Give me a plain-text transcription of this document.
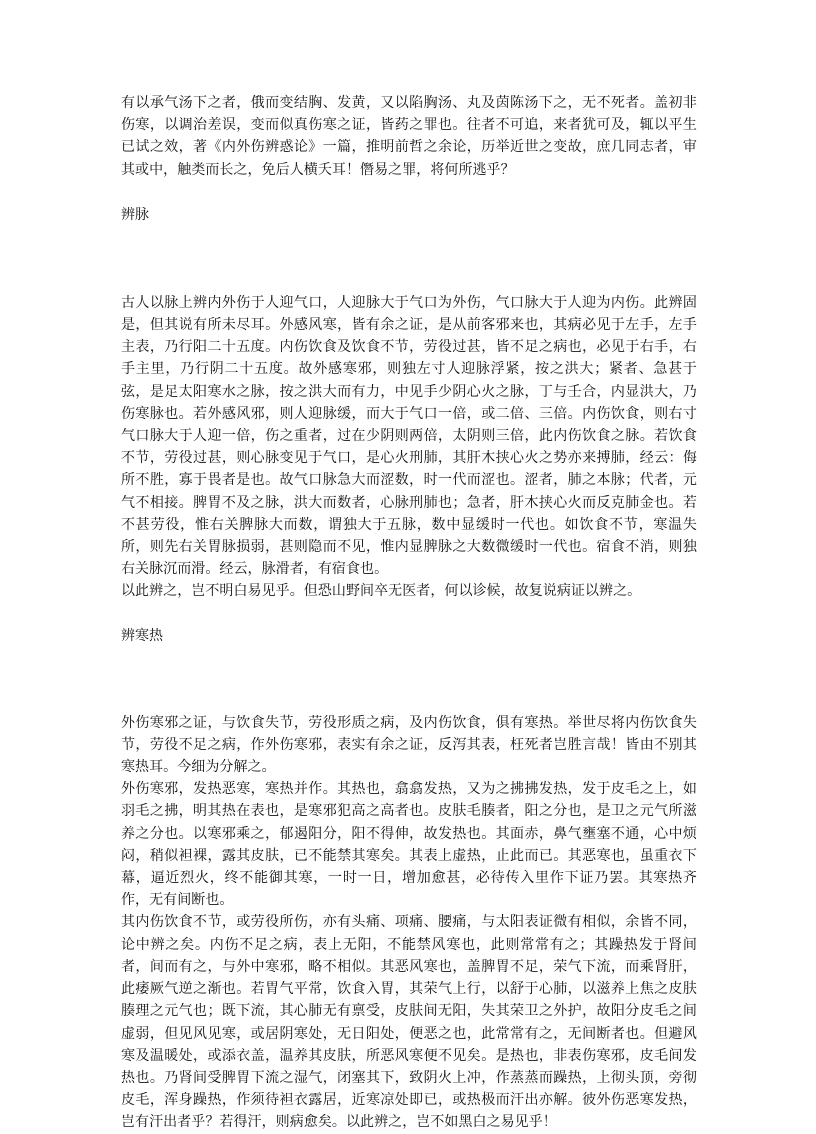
有以承气汤下之者，俄而变结胸、发黄，又以陷胸汤、丸及茵陈汤下之，无不死者。盖初非伤寒，以调治差误，变而似真伤寒之证，皆药之罪也。往者不可追，来者犹可及，辄以平生已试之效，著《内外伤辨惑论》一篇，推明前哲之余论，历举近世之变故，庶几同志者，审其或中，触类而长之，免后人横夭耳！僭易之罪，将何所逃乎？

辨脉

古人以脉上辨内外伤于人迎气口，人迎脉大于气口为外伤，气口脉大于人迎为内伤。此辨固是，但其说有所未尽耳。外感风寒，皆有余之证，是从前客邪来也，其病必见于左手，左手主表，乃行阳二十五度。内伤饮食及饮食不节，劳役过甚，皆不足之病也，必见于右手，右手主里，乃行阴二十五度。故外感寒邪，则独左寸人迎脉浮紧，按之洪大；紧者、急甚于弦，是足太阳寒水之脉，按之洪大而有力，中见手少阴心火之脉，丁与壬合，内显洪大，乃伤寒脉也。若外感风邪，则人迎脉缓，而大于气口一倍，或二倍、三倍。内伤饮食，则右寸气口脉大于人迎一倍，伤之重者，过在少阴则两倍，太阴则三倍，此内伤饮食之脉。若饮食不节，劳役过甚，则心脉变见于气口，是心火刑肺，其肝木挟心火之势亦来搏肺，经云：侮所不胜，寡于畏者是也。故气口脉急大而涩数，时一代而涩也。涩者，肺之本脉；代者，元气不相接。脾胃不及之脉，洪大而数者，心脉刑肺也；急者，肝木挟心火而反克肺金也。若不甚劳役，惟右关脾脉大而数，谓独大于五脉，数中显缓时一代也。如饮食不节，寒温失所，则先右关胃脉损弱，甚则隐而不见，惟内显脾脉之大数微缓时一代也。宿食不消，则独右关脉沉而滑。经云，脉滑者，有宿食也。

以此辨之，岂不明白易见乎。但恐山野间卒无医者，何以诊候，故复说病证以辨之。

辨寒热

外伤寒邪之证，与饮食失节，劳役形质之病，及内伤饮食，俱有寒热。举世尽将内伤饮食失节，劳役不足之病，作外伤寒邪，表实有余之证，反泻其表，枉死者岂胜言哉！皆由不别其寒热耳。今细为分解之。

外伤寒邪，发热恶寒，寒热并作。其热也，翕翕发热，又为之拂拂发热，发于皮毛之上，如羽毛之拂，明其热在表也，是寒邪犯高之高者也。皮肤毛腠者，阳之分也，是卫之元气所滋养之分也。以寒邪乘之，郁遏阳分，阳不得伸，故发热也。其面赤，鼻气壅塞不通，心中烦闷，稍似袒裸，露其皮肤，已不能禁其寒矣。其表上虚热，止此而已。其恶寒也，虽重衣下幕，逼近烈火，终不能御其寒，一时一日，增加愈甚，必待传入里作下证乃罢。其寒热齐作，无有间断也。

其内伤饮食不节，或劳役所伤，亦有头痛、项痛、腰痛，与太阳表证微有相似，余皆不同，论中辨之矣。内伤不足之病，表上无阳，不能禁风寒也，此则常常有之；其躁热发于肾间者，间而有之，与外中寒邪，略不相似。其恶风寒也，盖脾胃不足，荣气下流，而乘肾肝，此痿厥气逆之渐也。若胃气平常，饮食入胃，其荣气上行，以舒于心肺，以滋养上焦之皮肤腠理之元气也；既下流，其心肺无有禀受，皮肤间无阳，失其荣卫之外护，故阳分皮毛之间虚弱，但见风见寒，或居阴寒处，无日阳处，便恶之也，此常常有之，无间断者也。但避风寒及温暖处，或添衣盖，温养其皮肤，所恶风寒便不见矣。是热也，非表伤寒邪，皮毛间发热也。乃肾间受脾胃下流之湿气，闭塞其下，致阴火上冲，作蒸蒸而躁热，上彻头顶，旁彻皮毛，浑身躁热，作须待袒衣露居，近寒凉处即已，或热极而汗出亦解。彼外伤恶寒发热，岂有汗出者乎？若得汗，则病愈矣。以此辨之，岂不如黑白之易见乎！
